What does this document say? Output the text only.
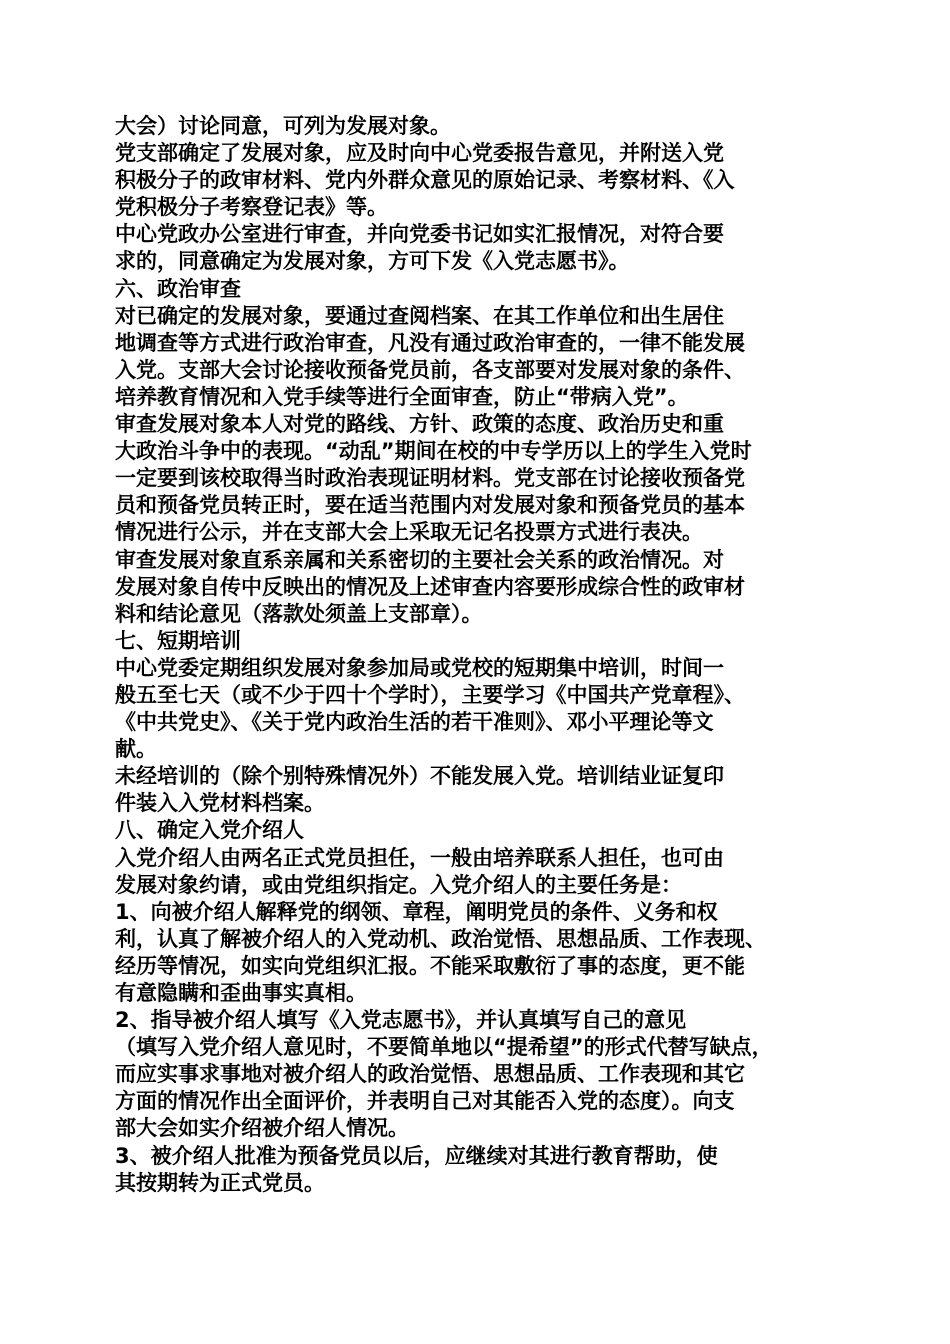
大会）讨论同意，可列为发展对象。
党支部确定了发展对象，应及时向中心党委报告意见，并附送入党
积极分子的政审材料、党内外群众意见的原始记录、考察材料、《入
党积极分子考察登记表》等。
中心党政办公室进行审查，并向党委书记如实汇报情况，对符合要
求的，同意确定为发展对象，方可下发《入党志愿书》。
六、政治审查
对已确定的发展对象，要通过查阅档案、在其工作单位和出生居住
地调查等方式进行政治审查，凡没有通过政治审查的，一律不能发展
入党。支部大会讨论接收预备党员前，各支部要对发展对象的条件、
培养教育情况和入党手续等进行全面审查，防止“带病入党”。
审查发展对象本人对党的路线、方针、政策的态度、政治历史和重
大政治斗争中的表现。“动乱”期间在校的中专学历以上的学生入党时
一定要到该校取得当时政治表现证明材料。党支部在讨论接收预备党
员和预备党员转正时，要在适当范围内对发展对象和预备党员的基本
情况进行公示，并在支部大会上采取无记名投票方式进行表决。
审查发展对象直系亲属和关系密切的主要社会关系的政治情况。对
发展对象自传中反映出的情况及上述审查内容要形成综合性的政审材
料和结论意见（落款处须盖上支部章）。
七、短期培训
中心党委定期组织发展对象参加局或党校的短期集中培训，时间一
般五至七天（或不少于四十个学时），主要学习《中国共产党章程》、
《中共党史》、《关于党内政治生活的若干准则》、邓小平理论等文
献。
未经培训的（除个别特殊情况外）不能发展入党。培训结业证复印
件装入入党材料档案。
八、确定入党介绍人
入党介绍人由两名正式党员担任，一般由培养联系人担任，也可由
发展对象约请，或由党组织指定。入党介绍人的主要任务是：
1、向被介绍人解释党的纲领、章程，阐明党员的条件、义务和权
利，认真了解被介绍人的入党动机、政治觉悟、思想品质、工作表现、
经历等情况，如实向党组织汇报。不能采取敷衍了事的态度，更不能
有意隐瞒和歪曲事实真相。
2、指导被介绍人填写《入党志愿书》，并认真填写自己的意见
（填写入党介绍人意见时，不要简单地以“提希望”的形式代替写缺点，
而应实事求事地对被介绍人的政治觉悟、思想品质、工作表现和其它
方面的情况作出全面评价，并表明自己对其能否入党的态度）。向支
部大会如实介绍被介绍人情况。
3、被介绍人批准为预备党员以后，应继续对其进行教育帮助，使
其按期转为正式党员。
